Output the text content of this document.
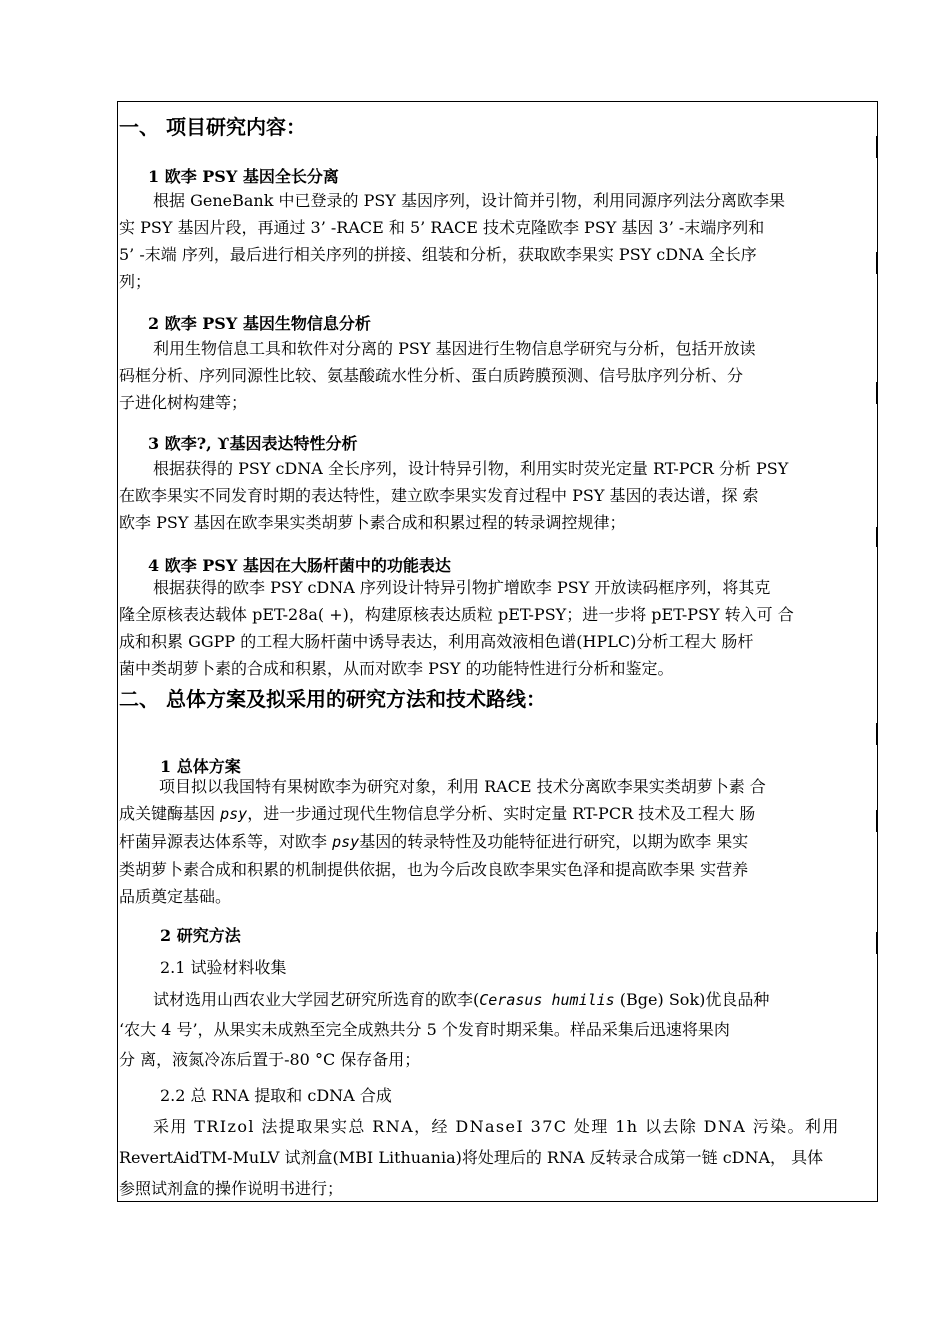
一、 项目研究内容：
1 欧李 PSY 基因全长分离
根据 GeneBank 中已登录的 PSY 基因序列，设计简并引物，利用同源序列法分离欧李果
实 PSY 基因片段，再通过 3’ -RACE 和 5’ RACE 技术克隆欧李 PSY 基因 3’ -末端序列和
5’ -末端 序列，最后进行相关序列的拼接、组装和分析，获取欧李果实 PSY cDNA 全长序
列；
2 欧李 PSY 基因生物信息分析
利用生物信息工具和软件对分离的 PSY 基因进行生物信息学研究与分析，包括开放读
码框分析、序列同源性比较、氨基酸疏水性分析、蛋白质跨膜预测、信号肽序列分析、分
子进化树构建等；
3 欧李?, ϒ基因表达特性分析
根据获得的 PSY cDNA 全长序列，设计特异引物，利用实时荧光定量 RT-PCR 分析 PSY
在欧李果实不同发育时期的表达特性，建立欧李果实发育过程中 PSY 基因的表达谱，探 索
欧李 PSY 基因在欧李果实类胡萝卜素合成和积累过程的转录调控规律；
4 欧李 PSY 基因在大肠杆菌中的功能表达
根据获得的欧李 PSY cDNA 序列设计特异引物扩增欧李 PSY 开放读码框序列，将其克
隆全原核表达载体 pET-28a( +)，构建原核表达质粒 pET-PSY；进一步将 pET-PSY 转入可 合
成和积累 GGPP 的工程大肠杆菌中诱导表达，利用高效液相色谱(HPLC)分析工程大 肠杆
菌中类胡萝卜素的合成和积累，从而对欧李 PSY 的功能特性进行分析和鉴定。
二、 总体方案及拟采用的研究方法和技术路线：
1 总体方案
项目拟以我国特有果树欧李为研究对象，利用 RACE 技术分离欧李果实类胡萝卜素 合
成关键酶基因 psy，进一步通过现代生物信息学分析、实时定量 RT-PCR 技术及工程大 肠
杆菌异源表达体系等，对欧李 psy基因的转录特性及功能特征进行研究，以期为欧李 果实
类胡萝卜素合成和积累的机制提供依据，也为今后改良欧李果实色泽和提高欧李果 实营养
品质奠定基础。
2 研究方法
2.1 试验材料收集
试材选用山西农业大学园艺研究所选育的欧李(Cerasus humilis (Bge) Sok)优良品种
‘农大 4 号’，从果实未成熟至完全成熟共分 5 个发育时期采集。样品采集后迅速将果肉
分 离，液氮冷冻后置于-80 °C 保存备用；
2.2 总 RNA 提取和 cDNA 合成
采用 TRIzol 法提取果实总 RNA，经 DNaseI 37C 处理 1h 以去除 DNA 污染。利用
RevertAidTM-MuLV 试剂盒(MBI Lithuania)将处理后的 RNA 反转录合成第一链 cDNA， 具体
参照试剂盒的操作说明书进行；
